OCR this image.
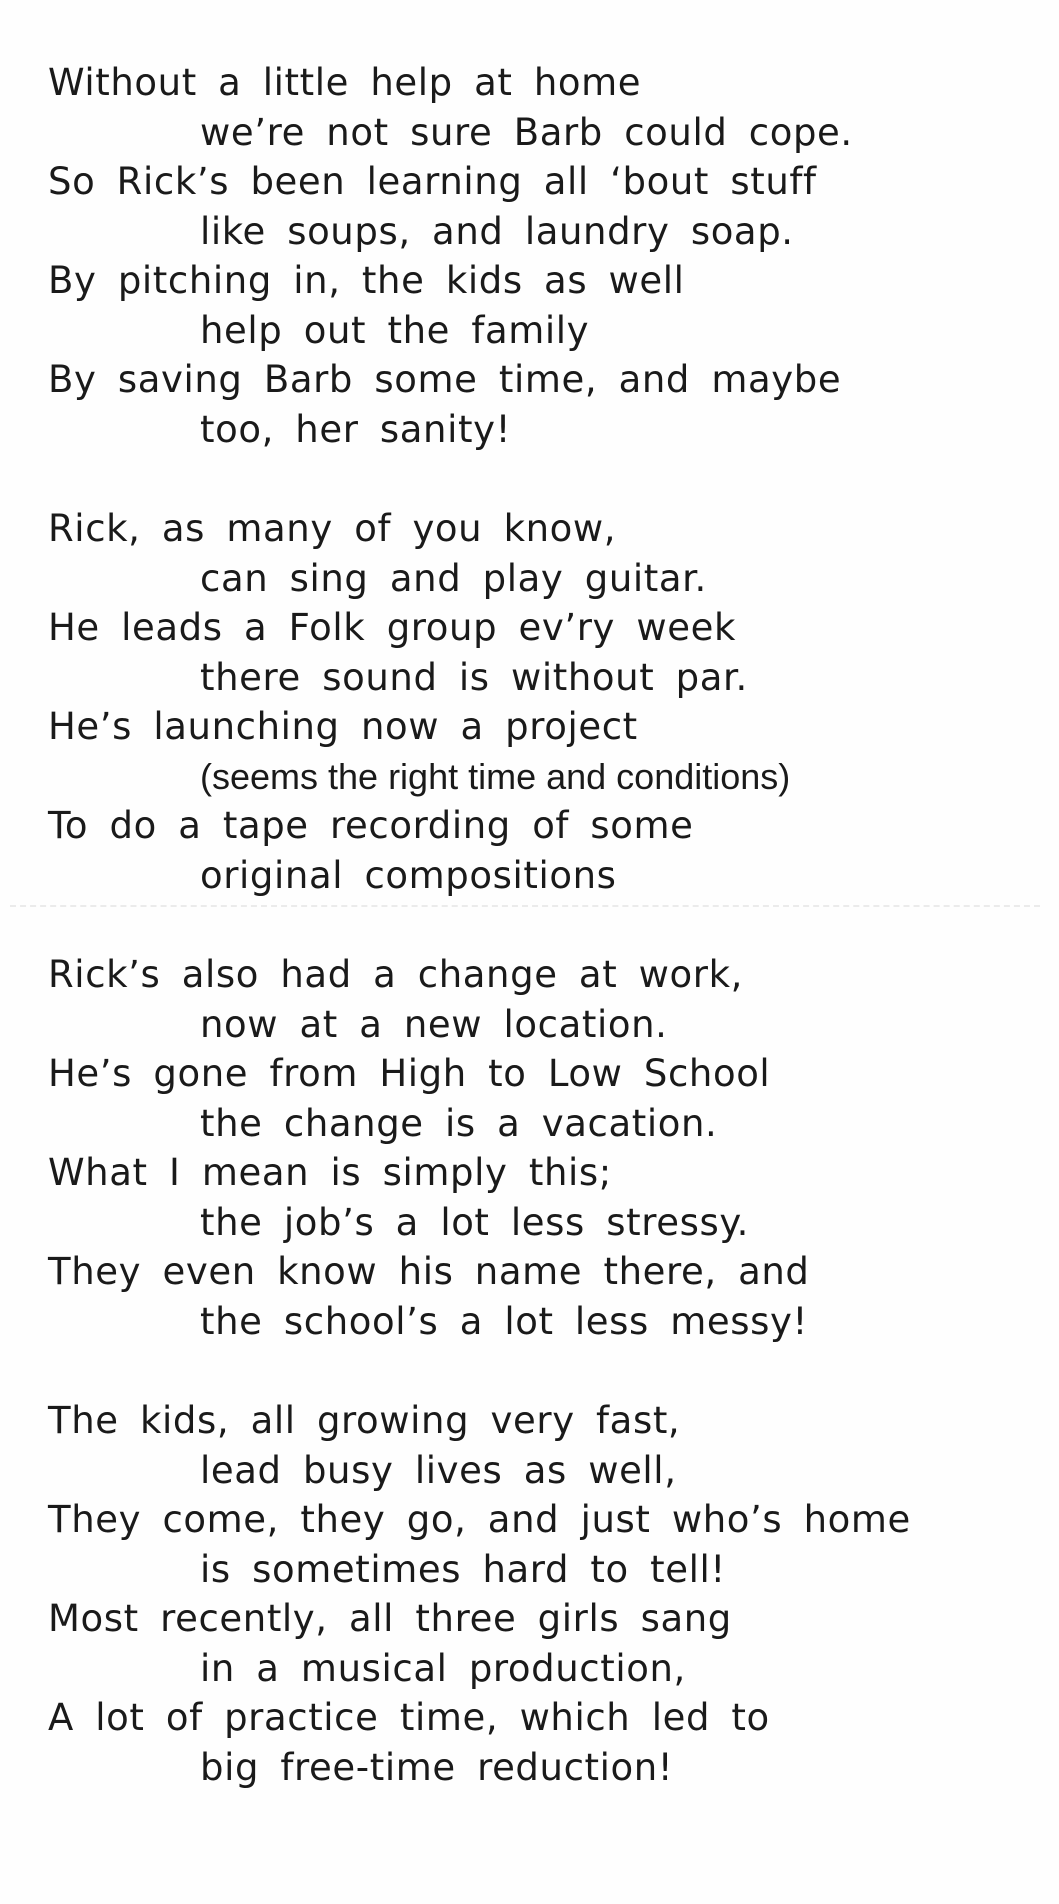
Without a little help at home
we’re not sure Barb could cope.
So Rick’s been learning all ‘bout stuff
like soups, and laundry soap.
By pitching in, the kids as well
help out the family
By saving Barb some time, and maybe
too, her sanity!
Rick, as many of you know,
can sing and play guitar.
He leads a Folk group ev’ry week
there sound is without par.
He’s launching now a project
(seems the right time and conditions)
To do a tape recording of some
original compositions
Rick’s also had a change at work,
now at a new location.
He’s gone from High to Low School
the change is a vacation.
What I mean is simply this;
the job’s a lot less stressy.
They even know his name there, and
the school’s a lot less messy!
The kids, all growing very fast,
lead busy lives as well,
They come, they go, and just who’s home
is sometimes hard to tell!
Most recently, all three girls sang
in a musical production,
A lot of practice time, which led to
big free-time reduction!
